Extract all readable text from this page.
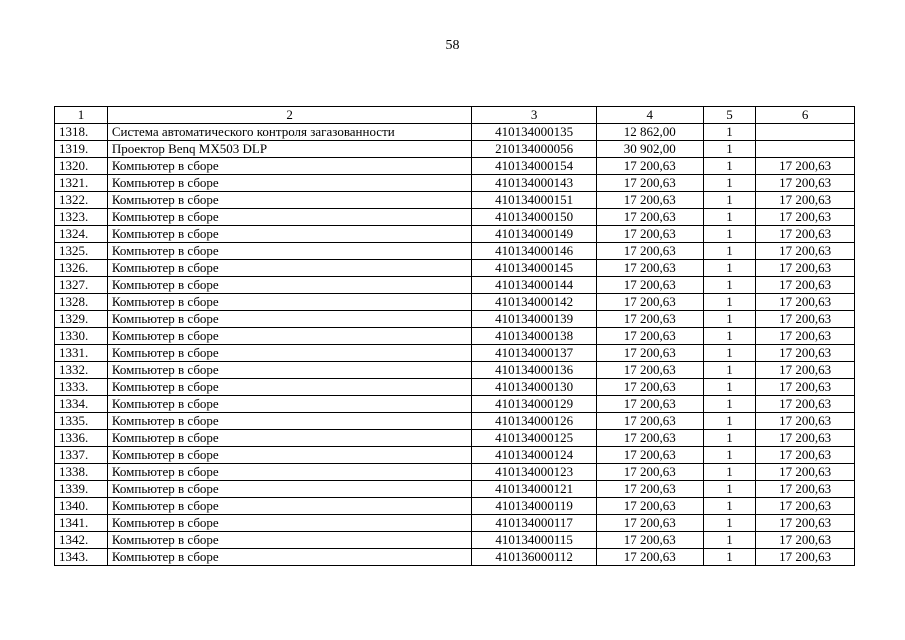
58
1	2	3	4	5	6
1318.	Система автоматического контроля загазованности	410134000135	12 862,00	1	
1319.	Проектор Benq MX503 DLP	210134000056	30 902,00	1	
1320.	Компьютер в сборе	410134000154	17 200,63	1	17 200,63
1321.	Компьютер в сборе	410134000143	17 200,63	1	17 200,63
1322.	Компьютер в сборе	410134000151	17 200,63	1	17 200,63
1323.	Компьютер в сборе	410134000150	17 200,63	1	17 200,63
1324.	Компьютер в сборе	410134000149	17 200,63	1	17 200,63
1325.	Компьютер в сборе	410134000146	17 200,63	1	17 200,63
1326.	Компьютер в сборе	410134000145	17 200,63	1	17 200,63
1327.	Компьютер в сборе	410134000144	17 200,63	1	17 200,63
1328.	Компьютер в сборе	410134000142	17 200,63	1	17 200,63
1329.	Компьютер в сборе	410134000139	17 200,63	1	17 200,63
1330.	Компьютер в сборе	410134000138	17 200,63	1	17 200,63
1331.	Компьютер в сборе	410134000137	17 200,63	1	17 200,63
1332.	Компьютер в сборе	410134000136	17 200,63	1	17 200,63
1333.	Компьютер в сборе	410134000130	17 200,63	1	17 200,63
1334.	Компьютер в сборе	410134000129	17 200,63	1	17 200,63
1335.	Компьютер в сборе	410134000126	17 200,63	1	17 200,63
1336.	Компьютер в сборе	410134000125	17 200,63	1	17 200,63
1337.	Компьютер в сборе	410134000124	17 200,63	1	17 200,63
1338.	Компьютер в сборе	410134000123	17 200,63	1	17 200,63
1339.	Компьютер в сборе	410134000121	17 200,63	1	17 200,63
1340.	Компьютер в сборе	410134000119	17 200,63	1	17 200,63
1341.	Компьютер в сборе	410134000117	17 200,63	1	17 200,63
1342.	Компьютер в сборе	410134000115	17 200,63	1	17 200,63
1343.	Компьютер в сборе	410136000112	17 200,63	1	17 200,63
